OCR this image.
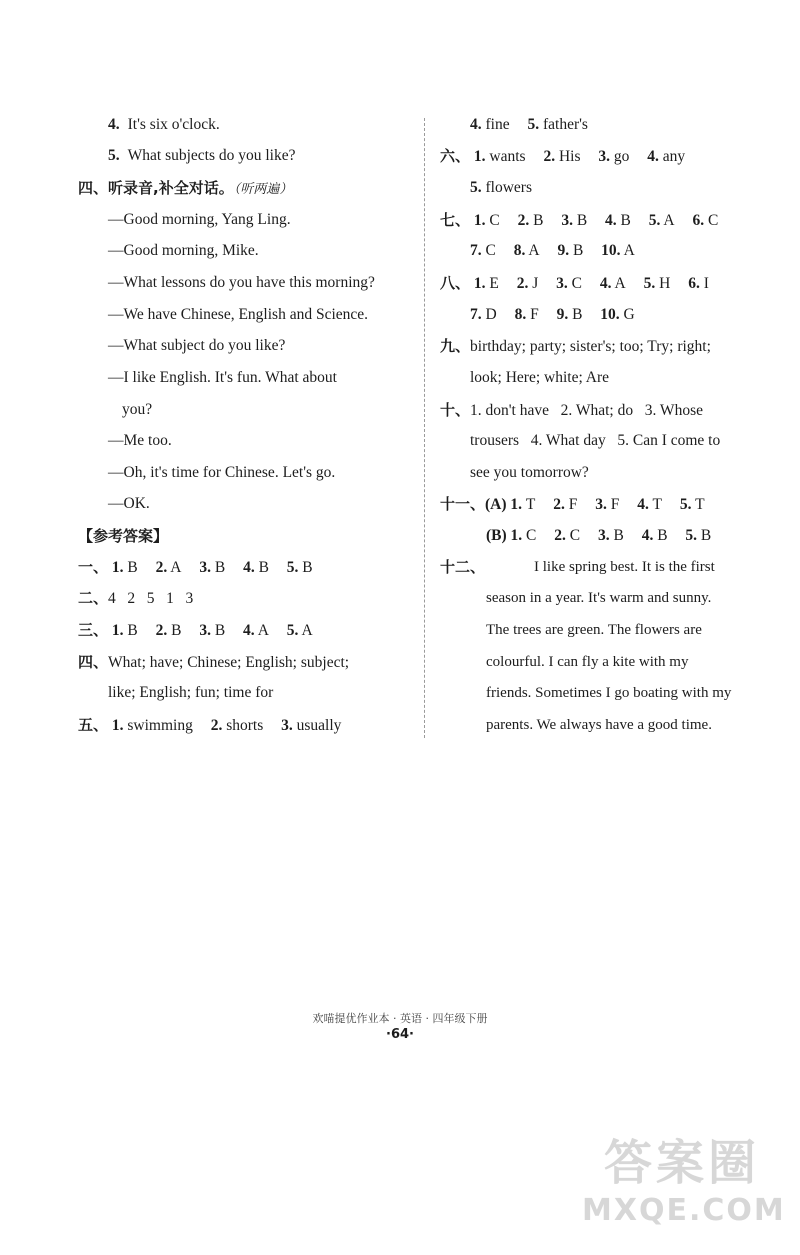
4. It's six o'clock.
5. What subjects do you like?
四、听录音,补全对话。（听两遍）
—Good morning, Yang Ling.
—Good morning, Mike.
—What lessons do you have this morning?
—We have Chinese, English and Science.
—What subject do you like?
—I like English. It's fun. What about
you?
—Me too.
—Oh, it's time for Chinese. Let's go.
—OK.
【参考答案】
一、 1. B 2. A 3. B 4. B 5. B
二、4   2   5   1   3
三、 1. B 2. B 3. B 4. A 5. A
四、What; have; Chinese; English; subject;
like; English; fun; time for
五、 1. swimming 2. shorts 3. usually
4. fine 5. father's
六、 1. wants 2. His 3. go 4. any
5. flowers
七、 1. C 2. B 3. B 4. B 5. A 6. C
7. C 8. A 9. B 10. A
八、 1. E 2. J 3. C 4. A 5. H 6. I
7. D 8. F 9. B 10. G
九、birthday; party; sister's; too; Try; right;
look; Here; white; Are
十、1. don't have   2. What; do   3. Whose
trousers   4. What day   5. Can I come to
see you tomorrow?
十一、(A) 1. T 2. F 3. F 4. T 5. T
(B) 1. C 2. C 3. B 4. B 5. B
十二、	I like spring best. It is the first
season in a year. It's warm and sunny.
The trees are green. The flowers are
colourful. I can fly a kite with my
friends. Sometimes I go boating with my
parents. We always have a good time.
欢喵提优作业本 · 英语 · 四年级下册
·64·
答案圈
MXQE.COM
